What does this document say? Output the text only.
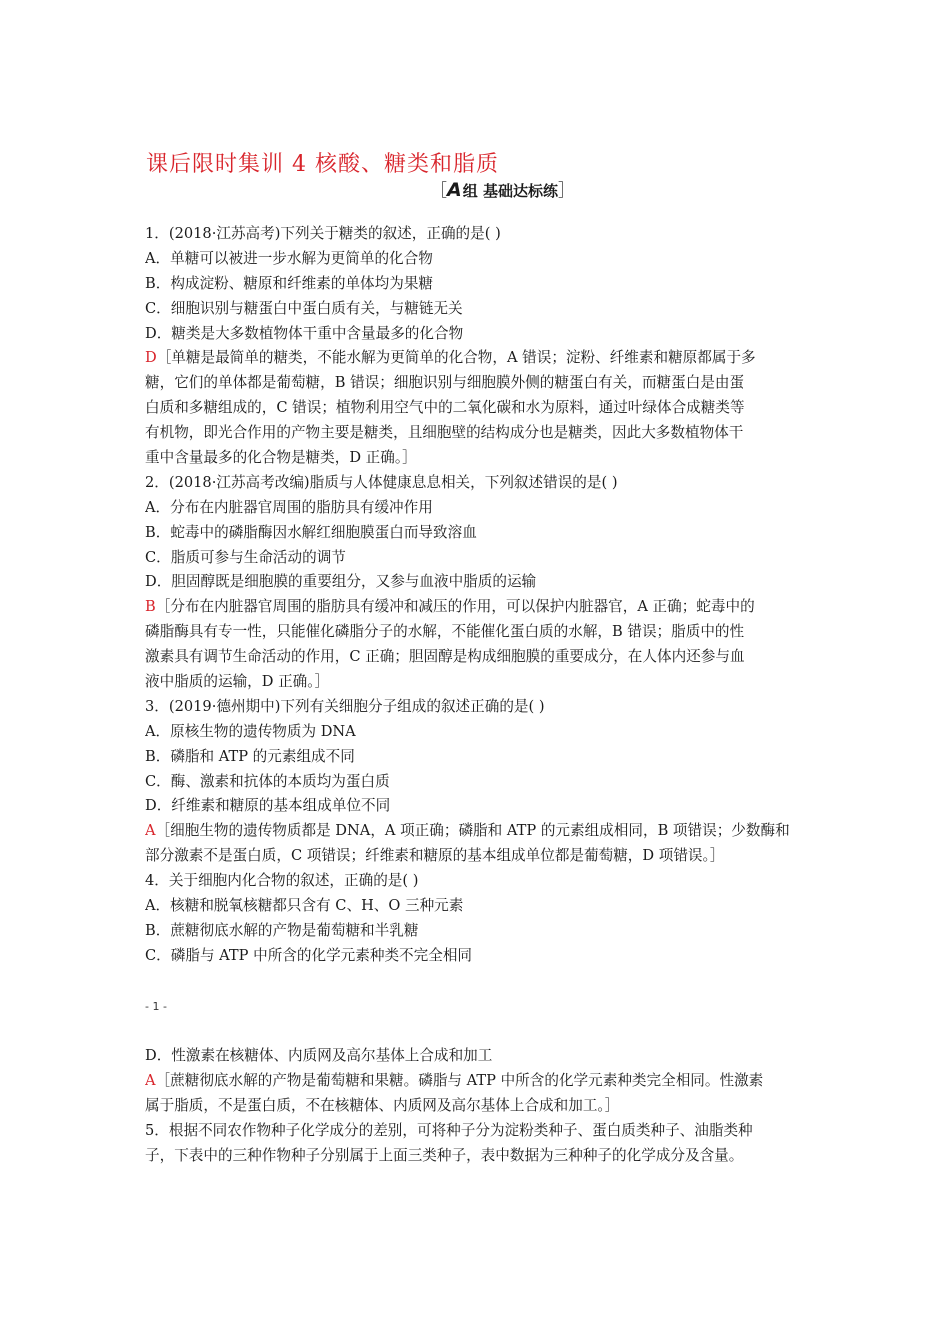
课后限时集训 4 核酸、糖类和脂质
［A组 基础达标练］
1．(2018·江苏高考)下列关于糖类的叙述，正确的是( )
A．单糖可以被进一步水解为更简单的化合物
B．构成淀粉、糖原和纤维素的单体均为果糖
C．细胞识别与糖蛋白中蛋白质有关，与糖链无关
D．糖类是大多数植物体干重中含量最多的化合物
D［单糖是最简单的糖类，不能水解为更简单的化合物，A 错误；淀粉、纤维素和糖原都属于多
糖，它们的单体都是葡萄糖，B 错误；细胞识别与细胞膜外侧的糖蛋白有关，而糖蛋白是由蛋
白质和多糖组成的，C 错误；植物利用空气中的二氧化碳和水为原料，通过叶绿体合成糖类等
有机物，即光合作用的产物主要是糖类，且细胞壁的结构成分也是糖类，因此大多数植物体干
重中含量最多的化合物是糖类，D 正确。］
2．(2018·江苏高考改编)脂质与人体健康息息相关，下列叙述错误的是( )
A．分布在内脏器官周围的脂肪具有缓冲作用
B．蛇毒中的磷脂酶因水解红细胞膜蛋白而导致溶血
C．脂质可参与生命活动的调节
D．胆固醇既是细胞膜的重要组分，又参与血液中脂质的运输
B［分布在内脏器官周围的脂肪具有缓冲和减压的作用，可以保护内脏器官，A 正确；蛇毒中的
磷脂酶具有专一性，只能催化磷脂分子的水解，不能催化蛋白质的水解，B 错误；脂质中的性
激素具有调节生命活动的作用，C 正确；胆固醇是构成细胞膜的重要成分，在人体内还参与血
液中脂质的运输，D 正确。］
3．(2019·德州期中)下列有关细胞分子组成的叙述正确的是( )
A．原核生物的遗传物质为 DNA
B．磷脂和 ATP 的元素组成不同
C．酶、激素和抗体的本质均为蛋白质
D．纤维素和糖原的基本组成单位不同
A［细胞生物的遗传物质都是 DNA，A 项正确；磷脂和 ATP 的元素组成相同，B 项错误；少数酶和
部分激素不是蛋白质，C 项错误；纤维素和糖原的基本组成单位都是葡萄糖，D 项错误。］
4．关于细胞内化合物的叙述，正确的是( )
A．核糖和脱氧核糖都只含有 C、H、O 三种元素
B．蔗糖彻底水解的产物是葡萄糖和半乳糖
C．磷脂与 ATP 中所含的化学元素种类不完全相同
- 1 -
D．性激素在核糖体、内质网及高尔基体上合成和加工
A［蔗糖彻底水解的产物是葡萄糖和果糖。磷脂与 ATP 中所含的化学元素种类完全相同。性激素
属于脂质，不是蛋白质，不在核糖体、内质网及高尔基体上合成和加工。］
5．根据不同农作物种子化学成分的差别，可将种子分为淀粉类种子、蛋白质类种子、油脂类种
子，下表中的三种作物种子分别属于上面三类种子，表中数据为三种种子的化学成分及含量。
